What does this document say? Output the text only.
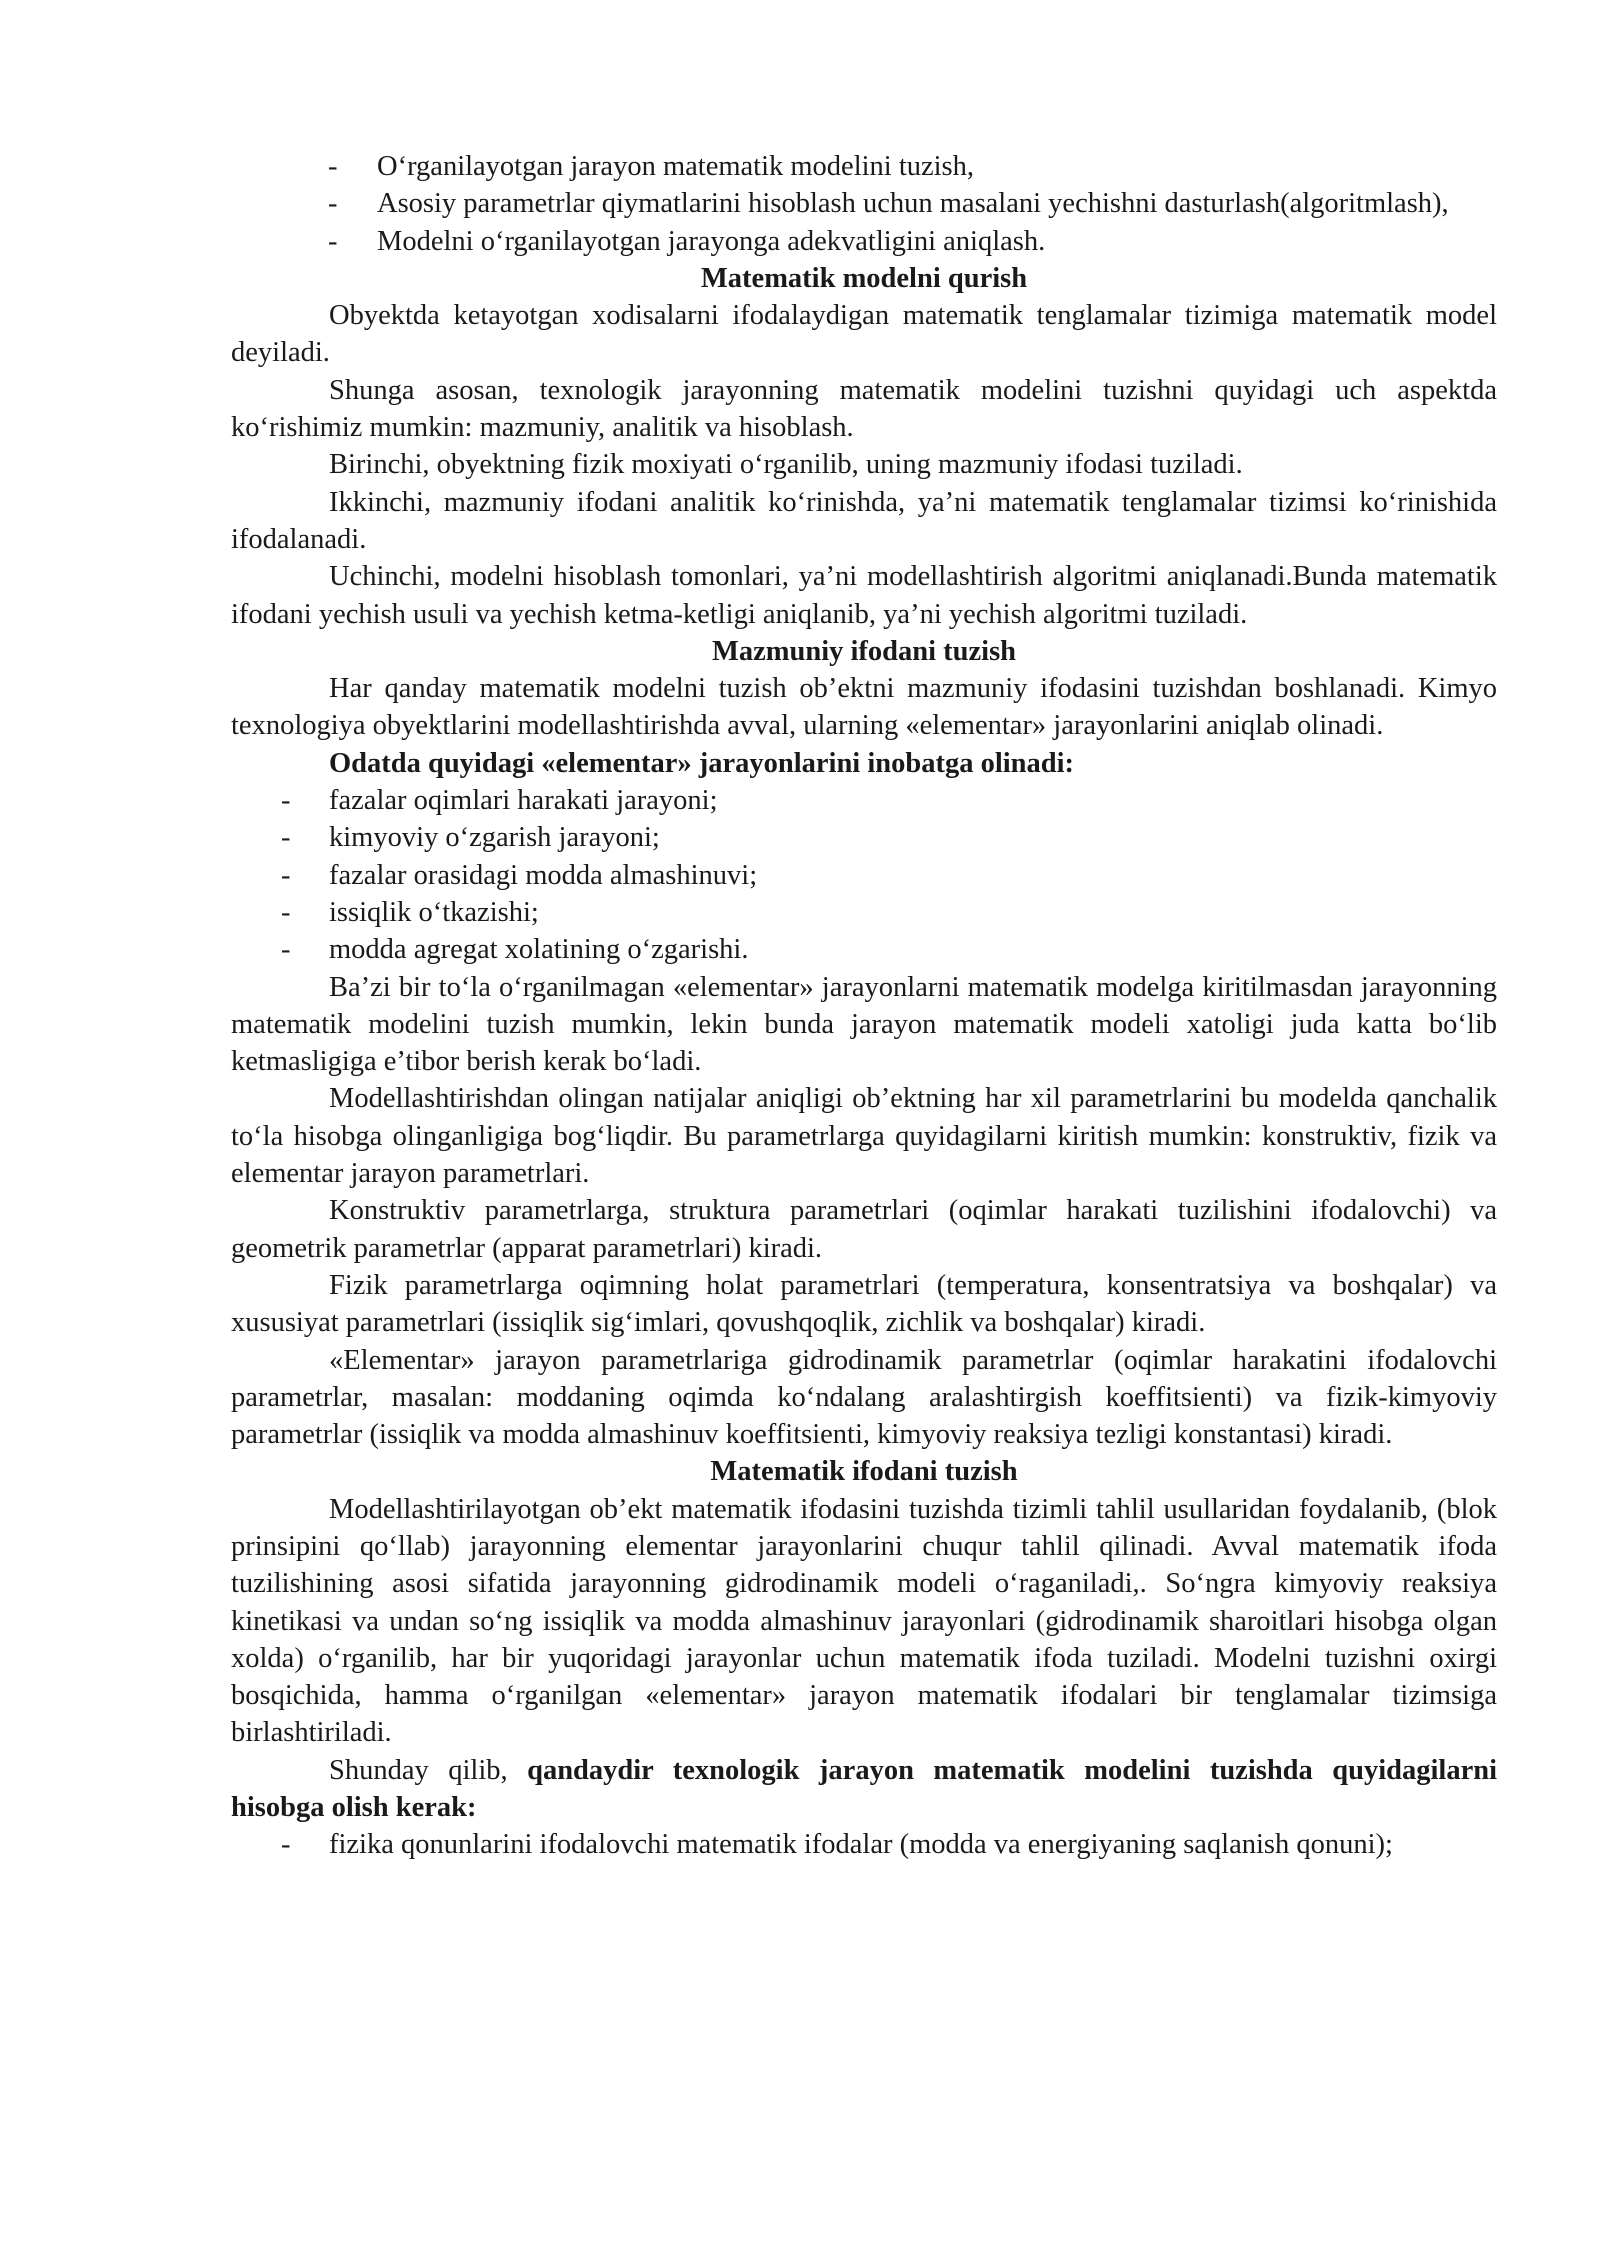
- O‘rganilayotgan jarayon matematik modelini tuzish,
- Asosiy parametrlar qiymatlarini hisoblash uchun masalani yechishni dasturlash(algoritmlash),
- Modelni o‘rganilayotgan jarayonga adekvatligini aniqlash.

Matematik modelni qurish

Obyektda ketayotgan xodisalarni ifodalaydigan matematik tenglamalar tizimiga matematik model deyiladi.

Shunga asosan, texnologik jarayonning matematik modelini tuzishni quyidagi uch aspektda ko‘rishimiz mumkin: mazmuniy, analitik va hisoblash.

Birinchi, obyektning fizik moxiyati o‘rganilib, uning mazmuniy ifodasi tuziladi.

Ikkinchi, mazmuniy ifodani analitik ko‘rinishda, ya’ni matematik tenglamalar tizimsi ko‘rinishida ifodalanadi.

Uchinchi, modelni hisoblash tomonlari, ya’ni modellashtirish algoritmi aniqlanadi.Bunda matematik ifodani yechish usuli va yechish ketma-ketligi aniqlanib, ya’ni yechish algoritmi tuziladi.

Mazmuniy ifodani tuzish

Har qanday matematik modelni tuzish ob’ektni mazmuniy ifodasini tuzishdan boshlanadi. Kimyo texnologiya obyektlarini modellashtirishda avval, ularning «elementar» jarayonlarini aniqlab olinadi.

Odatda quyidagi «elementar» jarayonlarini inobatga olinadi:

- fazalar oqimlari harakati jarayoni;
- kimyoviy o‘zgarish jarayoni;
- fazalar orasidagi modda almashinuvi;
- issiqlik o‘tkazishi;
- modda agregat xolatining o‘zgarishi.

Ba’zi bir to‘la o‘rganilmagan «elementar» jarayonlarni matematik modelga kiritilmasdan jarayonning matematik modelini tuzish mumkin, lekin bunda jarayon matematik modeli xatoligi juda katta bo‘lib ketmasligiga e’tibor berish kerak bo‘ladi.

Modellashtirishdan olingan natijalar aniqligi ob’ektning har xil parametrlarini bu modelda qanchalik to‘la hisobga olinganligiga bog‘liqdir. Bu parametrlarga quyidagilarni kiritish mumkin: konstruktiv, fizik va elementar jarayon parametrlari.

Konstruktiv parametrlarga, struktura parametrlari (oqimlar harakati tuzilishini ifodalovchi) va geometrik parametrlar (apparat parametrlari) kiradi.

Fizik parametrlarga oqimning holat parametrlari (temperatura, konsentratsiya va boshqalar) va xususiyat parametrlari (issiqlik sig‘imlari, qovushqoqlik, zichlik va boshqalar) kiradi.

«Elementar» jarayon parametrlariga gidrodinamik parametrlar (oqimlar harakatini ifodalovchi parametrlar, masalan: moddaning oqimda ko‘ndalang aralashtirgish koeffitsienti) va fizik-kimyoviy parametrlar (issiqlik va modda almashinuv koeffitsienti, kimyoviy reaksiya tezligi konstantasi) kiradi.

Matematik ifodani tuzish

Modellashtirilayotgan ob’ekt matematik ifodasini tuzishda tizimli tahlil usullaridan foydalanib, (blok prinsipini qo‘llab) jarayonning elementar jarayonlarini chuqur tahlil qilinadi. Avval matematik ifoda tuzilishining asosi sifatida jarayonning gidrodinamik modeli o‘raganiladi,. So‘ngra kimyoviy reaksiya kinetikasi va undan so‘ng issiqlik va modda almashinuv jarayonlari (gidrodinamik sharoitlari hisobga olgan xolda) o‘rganilib, har bir yuqoridagi jarayonlar uchun matematik ifoda tuziladi. Modelni tuzishni oxirgi bosqichida, hamma o‘rganilgan «elementar» jarayon matematik ifodalari bir tenglamalar tizimsiga birlashtiriladi.

Shunday qilib, qandaydir texnologik jarayon matematik modelini tuzishda quyidagilarni hisobga olish kerak:

- fizika qonunlarini ifodalovchi matematik ifodalar (modda va energiyaning saqlanish qonuni);
